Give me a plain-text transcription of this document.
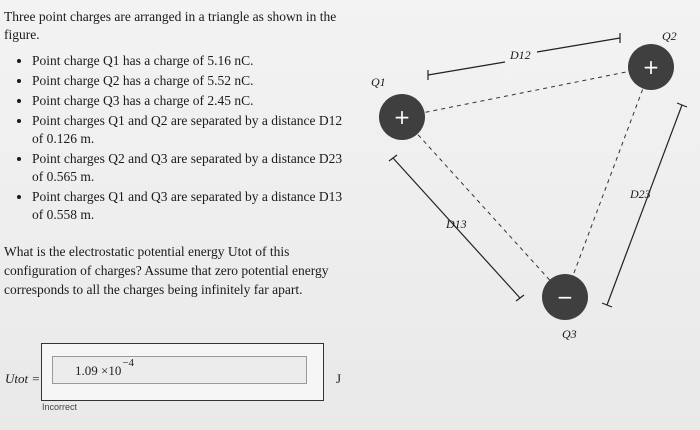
Three point charges are arranged in a triangle as shown in the figure.
• Point charge Q1 has a charge of 5.16 nC.
• Point charge Q2 has a charge of 5.52 nC.
• Point charge Q3 has a charge of 2.45 nC.
• Point charges Q1 and Q2 are separated by a distance D12 of 0.126 m.
• Point charges Q2 and Q3 are separated by a distance D23 of 0.565 m.
• Point charges Q1 and Q3 are separated by a distance D13 of 0.558 m.
What is the electrostatic potential energy Utot of this configuration of charges? Assume that zero potential energy corresponds to all the charges being infinitely far apart.
Utot =
$1.09 \times 10^{-4}$
J
Incorrect
+
+
−
Q1
Q2
Q3
D12
D23
D13
